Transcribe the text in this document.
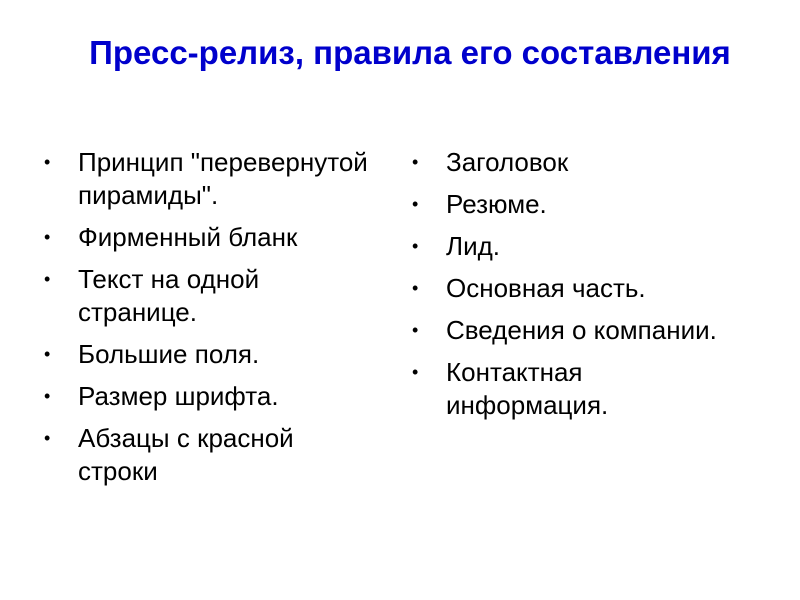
Пресс-релиз, правила его составления
• Принцип "перевернутой пирамиды".
• Фирменный бланк
• Текст на одной странице.
• Большие поля.
• Размер шрифта.
• Абзацы с красной строки
• Заголовок
• Резюме.
• Лид.
• Основная часть.
• Сведения о компании.
• Контактная информация.
